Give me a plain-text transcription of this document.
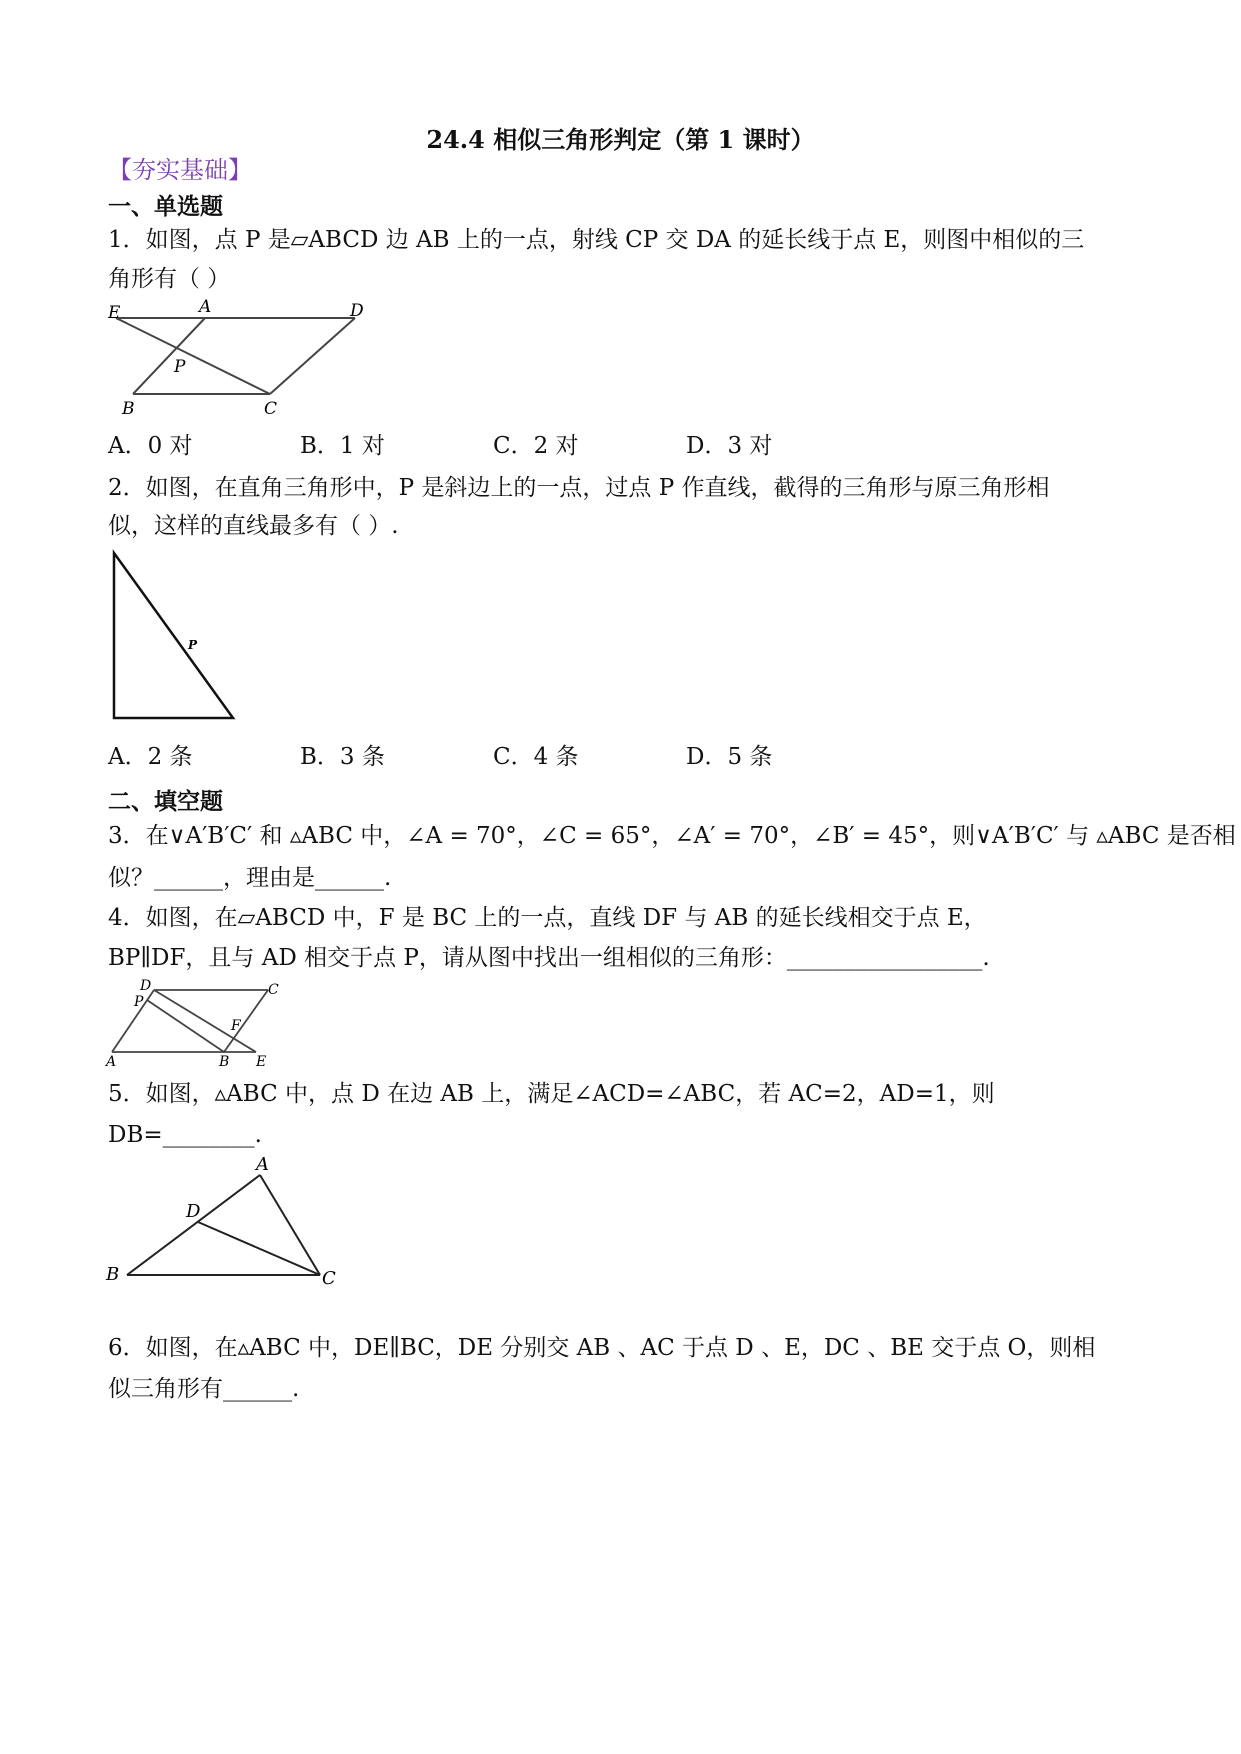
24.4 相似三角形判定（第 1 课时）
【夯实基础】
一、单选题
1．如图，点 P 是▱ABCD 边 AB 上的一点，射线 CP 交 DA 的延长线于点 E，则图中相似的三
角形有（ ）
E	A	D
P
B	C
A．0 对	B．1 对	C．2 对	D．3 对
2．如图，在直角三角形中，P 是斜边上的一点，过点 P 作直线，截得的三角形与原三角形相
似，这样的直线最多有（ ）.
P
A．2 条	B．3 条	C．4 条	D．5 条
二、填空题
3．在∨A′B′C′ 和 ▵ABC 中，∠A = 70°，∠C = 65°，∠A′ = 70°，∠B′ = 45°，则∨A′B′C′ 与 ▵ABC 是否相
似？______，理由是______.
4．如图，在▱ABCD 中，F 是 BC 上的一点，直线 DF 与 AB 的延长线相交于点 E，
BP∥DF，且与 AD 相交于点 P，请从图中找出一组相似的三角形：_________________.
D	C
P
F
A	B E
5．如图，▵ABC 中，点 D 在边 AB 上，满足∠ACD=∠ABC，若 AC=2，AD=1，则
DB=________.
A
D
B	C
6．如图，在▵ABC 中，DE∥BC，DE 分别交 AB 、AC 于点 D 、E，DC 、BE 交于点 O，则相
似三角形有______.
